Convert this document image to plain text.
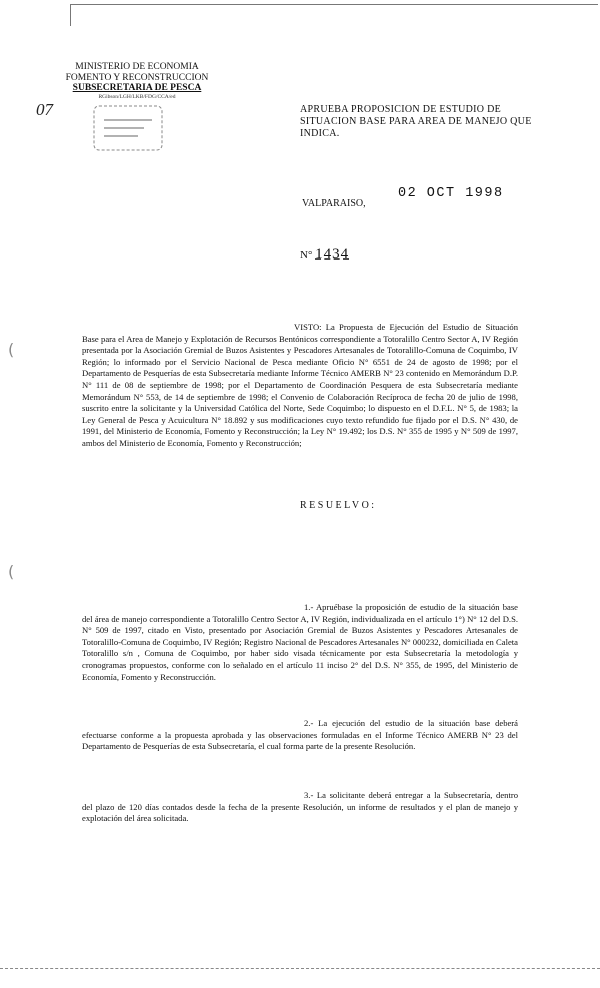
(
(
MINISTERIO DE ECONOMIA
FOMENTO Y RECONSTRUCCION
SUBSECRETARIA DE PESCA
RGibson/LGH/LKB/FDG/CCA/ed
07	APRUEBA PROPOSICION DE ESTUDIO DE SITUACION BASE PARA AREA DE MANEJO QUE INDICA.
02 OCT 1998
VALPARAISO,
N° 1434
VISTO: La Propuesta de Ejecución del Estudio de Situación Base para el Area de Manejo y Explotación de Recursos Bentónicos correspondiente a Totoralillo Centro Sector A, IV Región presentada por la Asociación Gremial de Buzos Asistentes y Pescadores Artesanales de Totoralillo-Comuna de Coquimbo, IV Región; lo informado por el Servicio Nacional de Pesca mediante Oficio N° 6551 de 24 de agosto de 1998; por el Departamento de Pesquerías de esta Subsecretaría mediante Informe Técnico AMERB N° 23 contenido en Memorándum D.P. N° 111 de 08 de septiembre de 1998; por el Departamento de Coordinación Pesquera de esta Subsecretaría mediante Memorándum N° 553, de 14 de septiembre de 1998; el Convenio de Colaboración Recíproca de fecha 20 de julio de 1998, suscrito entre la solicitante y la Universidad Católica del Norte, Sede Coquimbo; lo dispuesto en el D.F.L. N° 5, de 1983; la Ley General de Pesca y Acuicultura N° 18.892 y sus modificaciones cuyo texto refundido fue fijado por el D.S. N° 430, de 1991, del Ministerio de Economía, Fomento y Reconstrucción; la Ley N° 19.492; los D.S. N° 355 de 1995 y N° 509 de 1997, ambos del Ministerio de Economía, Fomento y Reconstrucción;
RESUELVO:
1.- Apruébase la proposición de estudio de la situación base del área de manejo correspondiente a Totoralillo Centro Sector A, IV Región, individualizada en el artículo 1°) N° 12 del D.S. N° 509 de 1997, citado en Visto, presentado por Asociación Gremial de Buzos Asistentes y Pescadores Artesanales de Totoralillo-Comuna de Coquimbo, IV Región; Registro Nacional de Pescadores Artesanales N° 000232, domiciliada en Caleta Totoralillo s/n , Comuna de Coquimbo, por haber sido visada técnicamente por esta Subsecretaría la metodología y cronogramas propuestos, conforme con lo señalado en el artículo 11 inciso 2° del D.S. N° 355, de 1995, del Ministerio de Economía, Fomento y Reconstrucción.
2.- La ejecución del estudio de la situación base deberá efectuarse conforme a la propuesta aprobada y las observaciones formuladas en el Informe Técnico AMERB N° 23 del Departamento de Pesquerías de esta Subsecretaría, el cual forma parte de la presente Resolución.
3.- La solicitante deberá entregar a la Subsecretaría, dentro del plazo de 120 días contados desde la fecha de la presente Resolución, un informe de resultados y el plan de manejo y explotación del área solicitada.
